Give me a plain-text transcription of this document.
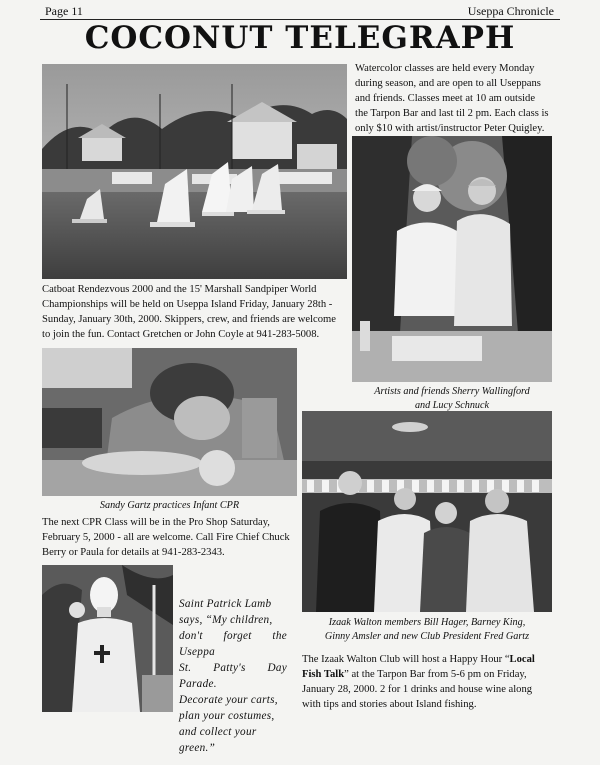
Page 11	Useppa Chronicle
COCONUT TELEGRAPH
Catboat Rendezvous 2000 and the 15' Marshall Sandpiper World
Championships will be held on Useppa Island Friday, January 28th -
Sunday, January 30th, 2000. Skippers, crew, and friends are welcome
to join the fun. Contact Gretchen or John Coyle at 941-283-5008.
Watercolor classes are held every Monday
during season, and are open to all Useppans
and friends. Classes meet at 10 am outside
the Tarpon Bar and last til 2 pm. Each class is
only $10 with artist/instructor Peter Quigley.
Artists and friends Sherry Wallingford
and Lucy Schnuck
Sandy Gartz practices Infant CPR
The next CPR Class will be in the Pro Shop Saturday,
February 5, 2000 - all are welcome. Call Fire Chief Chuck
Berry or Paula for details at 941-283-2343.
Saint Patrick Lamb
says, “My children,
don't forget the Useppa
St. Patty's Day Parade.
Decorate your carts,
plan your costumes,
and collect your
green.”
Izaak Walton members Bill Hager, Barney King,
Ginny Amsler and new Club President Fred Gartz
The Izaak Walton Club will host a Happy Hour “Local
Fish Talk” at the Tarpon Bar from 5-6 pm on Friday,
January 28, 2000. 2 for 1 drinks and house wine along
with tips and stories about Island fishing.
